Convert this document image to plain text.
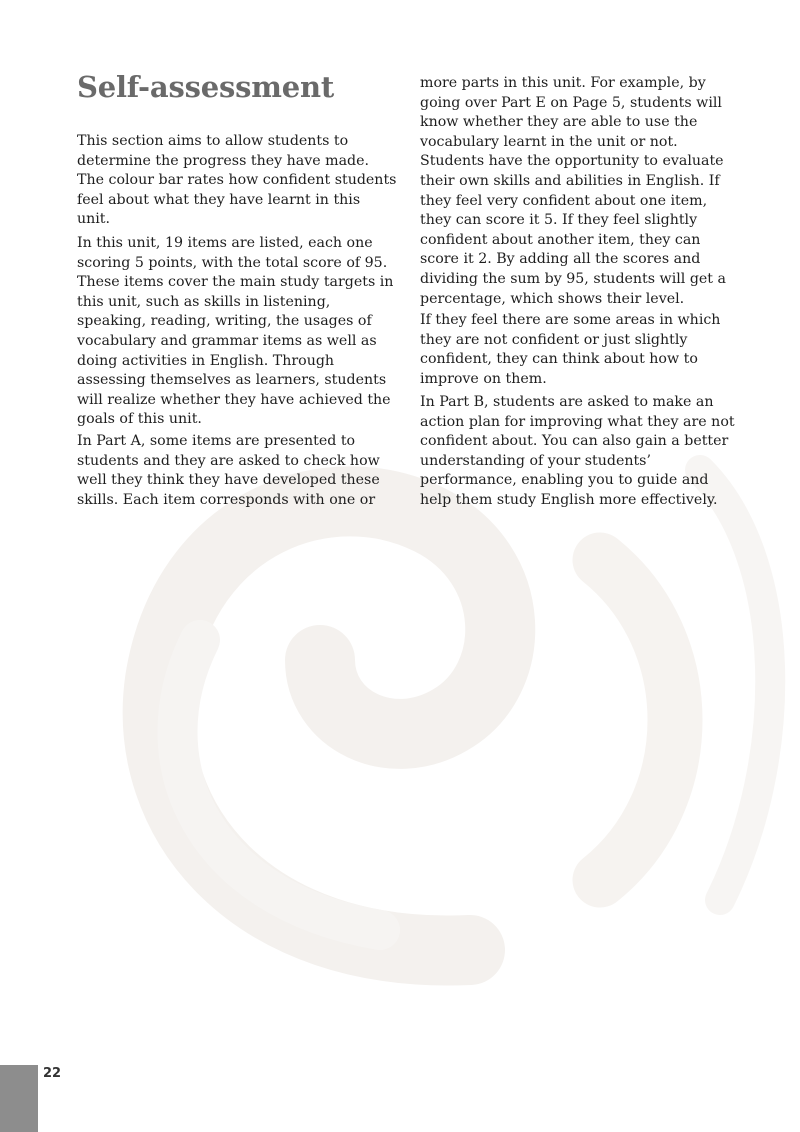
Self-assessment

This section aims to allow students to
determine the progress they have made.
The colour bar rates how confident students
feel about what they have learnt in this
unit.

In this unit, 19 items are listed, each one
scoring 5 points, with the total score of 95.
These items cover the main study targets in
this unit, such as skills in listening,
speaking, reading, writing, the usages of
vocabulary and grammar items as well as
doing activities in English. Through
assessing themselves as learners, students
will realize whether they have achieved the
goals of this unit.

In Part A, some items are presented to
students and they are asked to check how
well they think they have developed these
skills. Each item corresponds with one or

more parts in this unit. For example, by
going over Part E on Page 5, students will
know whether they are able to use the
vocabulary learnt in the unit or not.
Students have the opportunity to evaluate
their own skills and abilities in English. If
they feel very confident about one item,
they can score it 5. If they feel slightly
confident about another item, they can
score it 2. By adding all the scores and
dividing the sum by 95, students will get a
percentage, which shows their level.

If they feel there are some areas in which
they are not confident or just slightly
confident, they can think about how to
improve on them.

In Part B, students are asked to make an
action plan for improving what they are not
confident about. You can also gain a better
understanding of your students’
performance, enabling you to guide and
help them study English more effectively.

22
